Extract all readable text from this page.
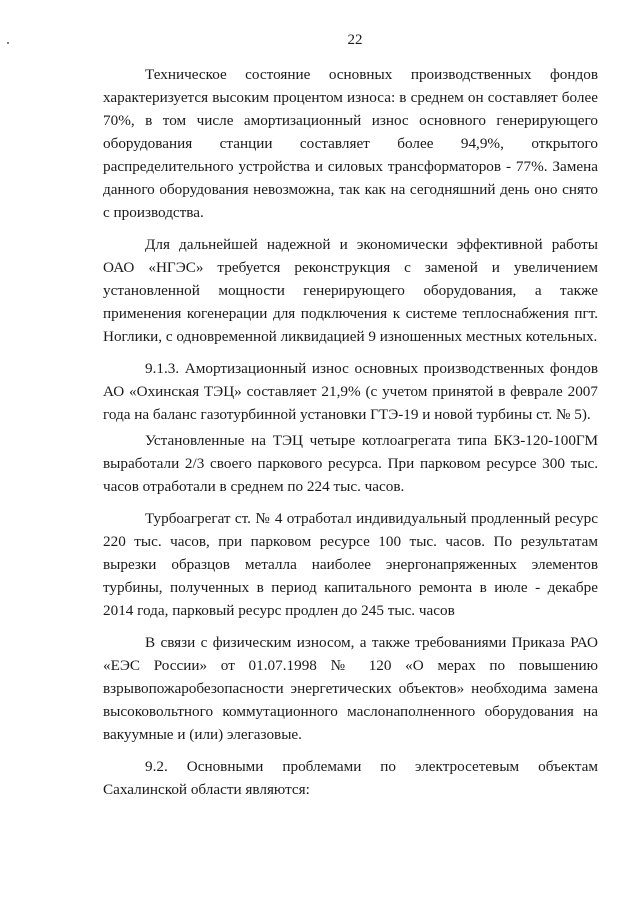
22

Техническое состояние основных производственных фондов характеризуется высоким процентом износа: в среднем он составляет более 70%, в том числе амортизационный износ основного генерирующего оборудования станции составляет более 94,9%, открытого распределительного устройства и силовых трансформаторов - 77%. Замена данного оборудования невозможна, так как на сегодняшний день оно снято с производства.

Для дальнейшей надежной и экономически эффективной работы ОАО «НГЭС» требуется реконструкция с заменой и увеличением установленной мощности генерирующего оборудования, а также применения когенерации для подключения к системе теплоснабжения пгт. Ноглики, с одновременной ликвидацией 9 изношенных местных котельных.

9.1.3. Амортизационный износ основных производственных фондов АО «Охинская ТЭЦ» составляет 21,9% (с учетом принятой в феврале 2007 года на баланс газотурбинной установки ГТЭ-19 и новой турбины ст. № 5).

Установленные на ТЭЦ четыре котлоагрегата типа БКЗ-120-100ГМ выработали 2/3 своего паркового ресурса. При парковом ресурсе 300 тыс. часов отработали в среднем по 224 тыс. часов.

Турбоагрегат ст. № 4 отработал индивидуальный продленный ресурс 220 тыс. часов, при парковом ресурсе 100 тыс. часов. По результатам вырезки образцов металла наиболее энергонапряженных элементов турбины, полученных в период капитального ремонта в июле - декабре 2014 года, парковый ресурс продлен до 245 тыс. часов

В связи с физическим износом, а также требованиями Приказа РАО «ЕЭС России» от 01.07.1998 № 120 «О мерах по повышению взрывопожаробезопасности энергетических объектов» необходима замена высоковольтного коммутационного маслонаполненного оборудования на вакуумные и (или) элегазовые.

9.2. Основными проблемами по электросетевым объектам Сахалинской области являются:
